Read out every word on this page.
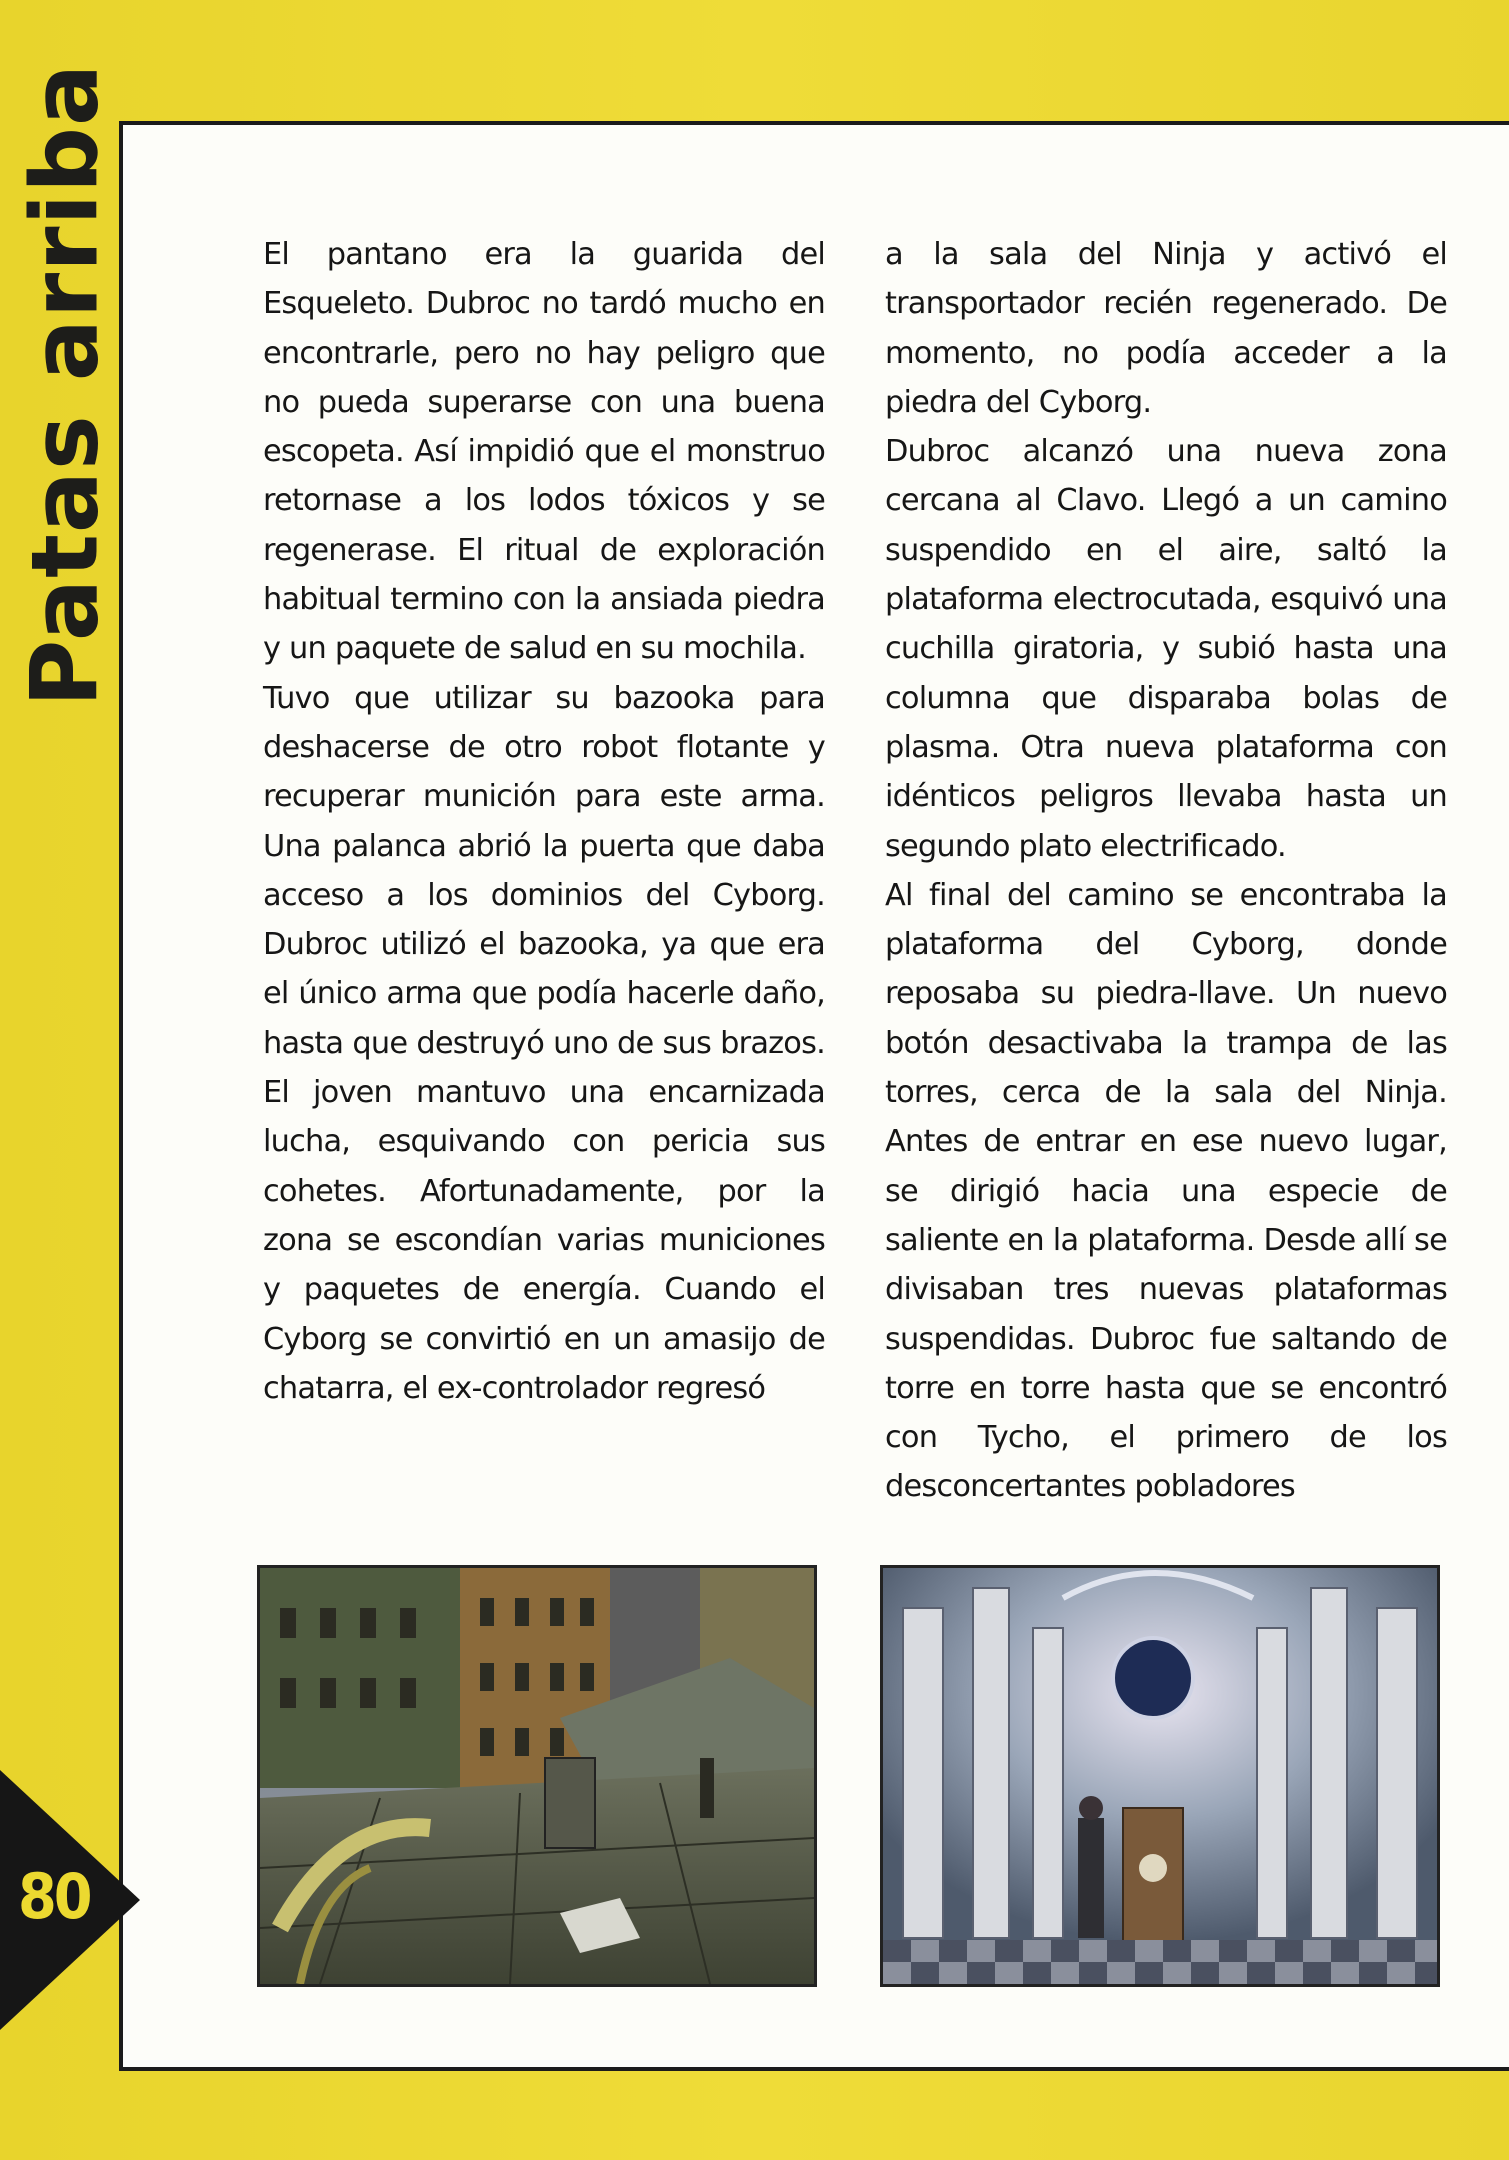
Patas arriba	El pantano era la guarida del Esqueleto. Dubroc no tardó mucho en encontrarle, pero no hay peligro que no pueda superarse con una buena escopeta. Así impidió que el monstruo retornase a los lodos tóxicos y se regenerase. El ritual de exploración habitual termino con la ansiada piedra y un paquete de salud en su mochila.

Tuvo que utilizar su bazooka para deshacerse de otro robot flotante y recuperar munición para este arma. Una palanca abrió la puerta que daba acceso a los dominios del Cyborg. Dubroc utilizó el bazooka, ya que era el único arma que podía hacerle daño, hasta que destruyó uno de sus brazos. El joven mantuvo una encarnizada lucha, esquivando con pericia sus cohetes. Afortunadamente, por la zona se escondían varias municiones y paquetes de energía. Cuando el Cyborg se convirtió en un amasijo de chatarra, el ex-controlador regresó

a la sala del Ninja y activó el transportador recién regenerado. De momento, no podía acceder a la piedra del Cyborg.

Dubroc alcanzó una nueva zona cercana al Clavo. Llegó a un camino suspendido en el aire, saltó la plataforma electrocutada, esquivó una cuchilla giratoria, y subió hasta una columna que disparaba bolas de plasma. Otra nueva plataforma con idénticos peligros llevaba hasta un segundo plato electrificado.

Al final del camino se encontraba la plataforma del Cyborg, donde reposaba su piedra-llave. Un nuevo botón desactivaba la trampa de las torres, cerca de la sala del Ninja. Antes de entrar en ese nuevo lugar, se dirigió hacia una especie de saliente en la plataforma. Desde allí se divisaban tres nuevas plataformas suspendidas. Dubroc fue saltando de torre en torre hasta que se encontró con Tycho, el primero de los desconcertantes pobladores

80
